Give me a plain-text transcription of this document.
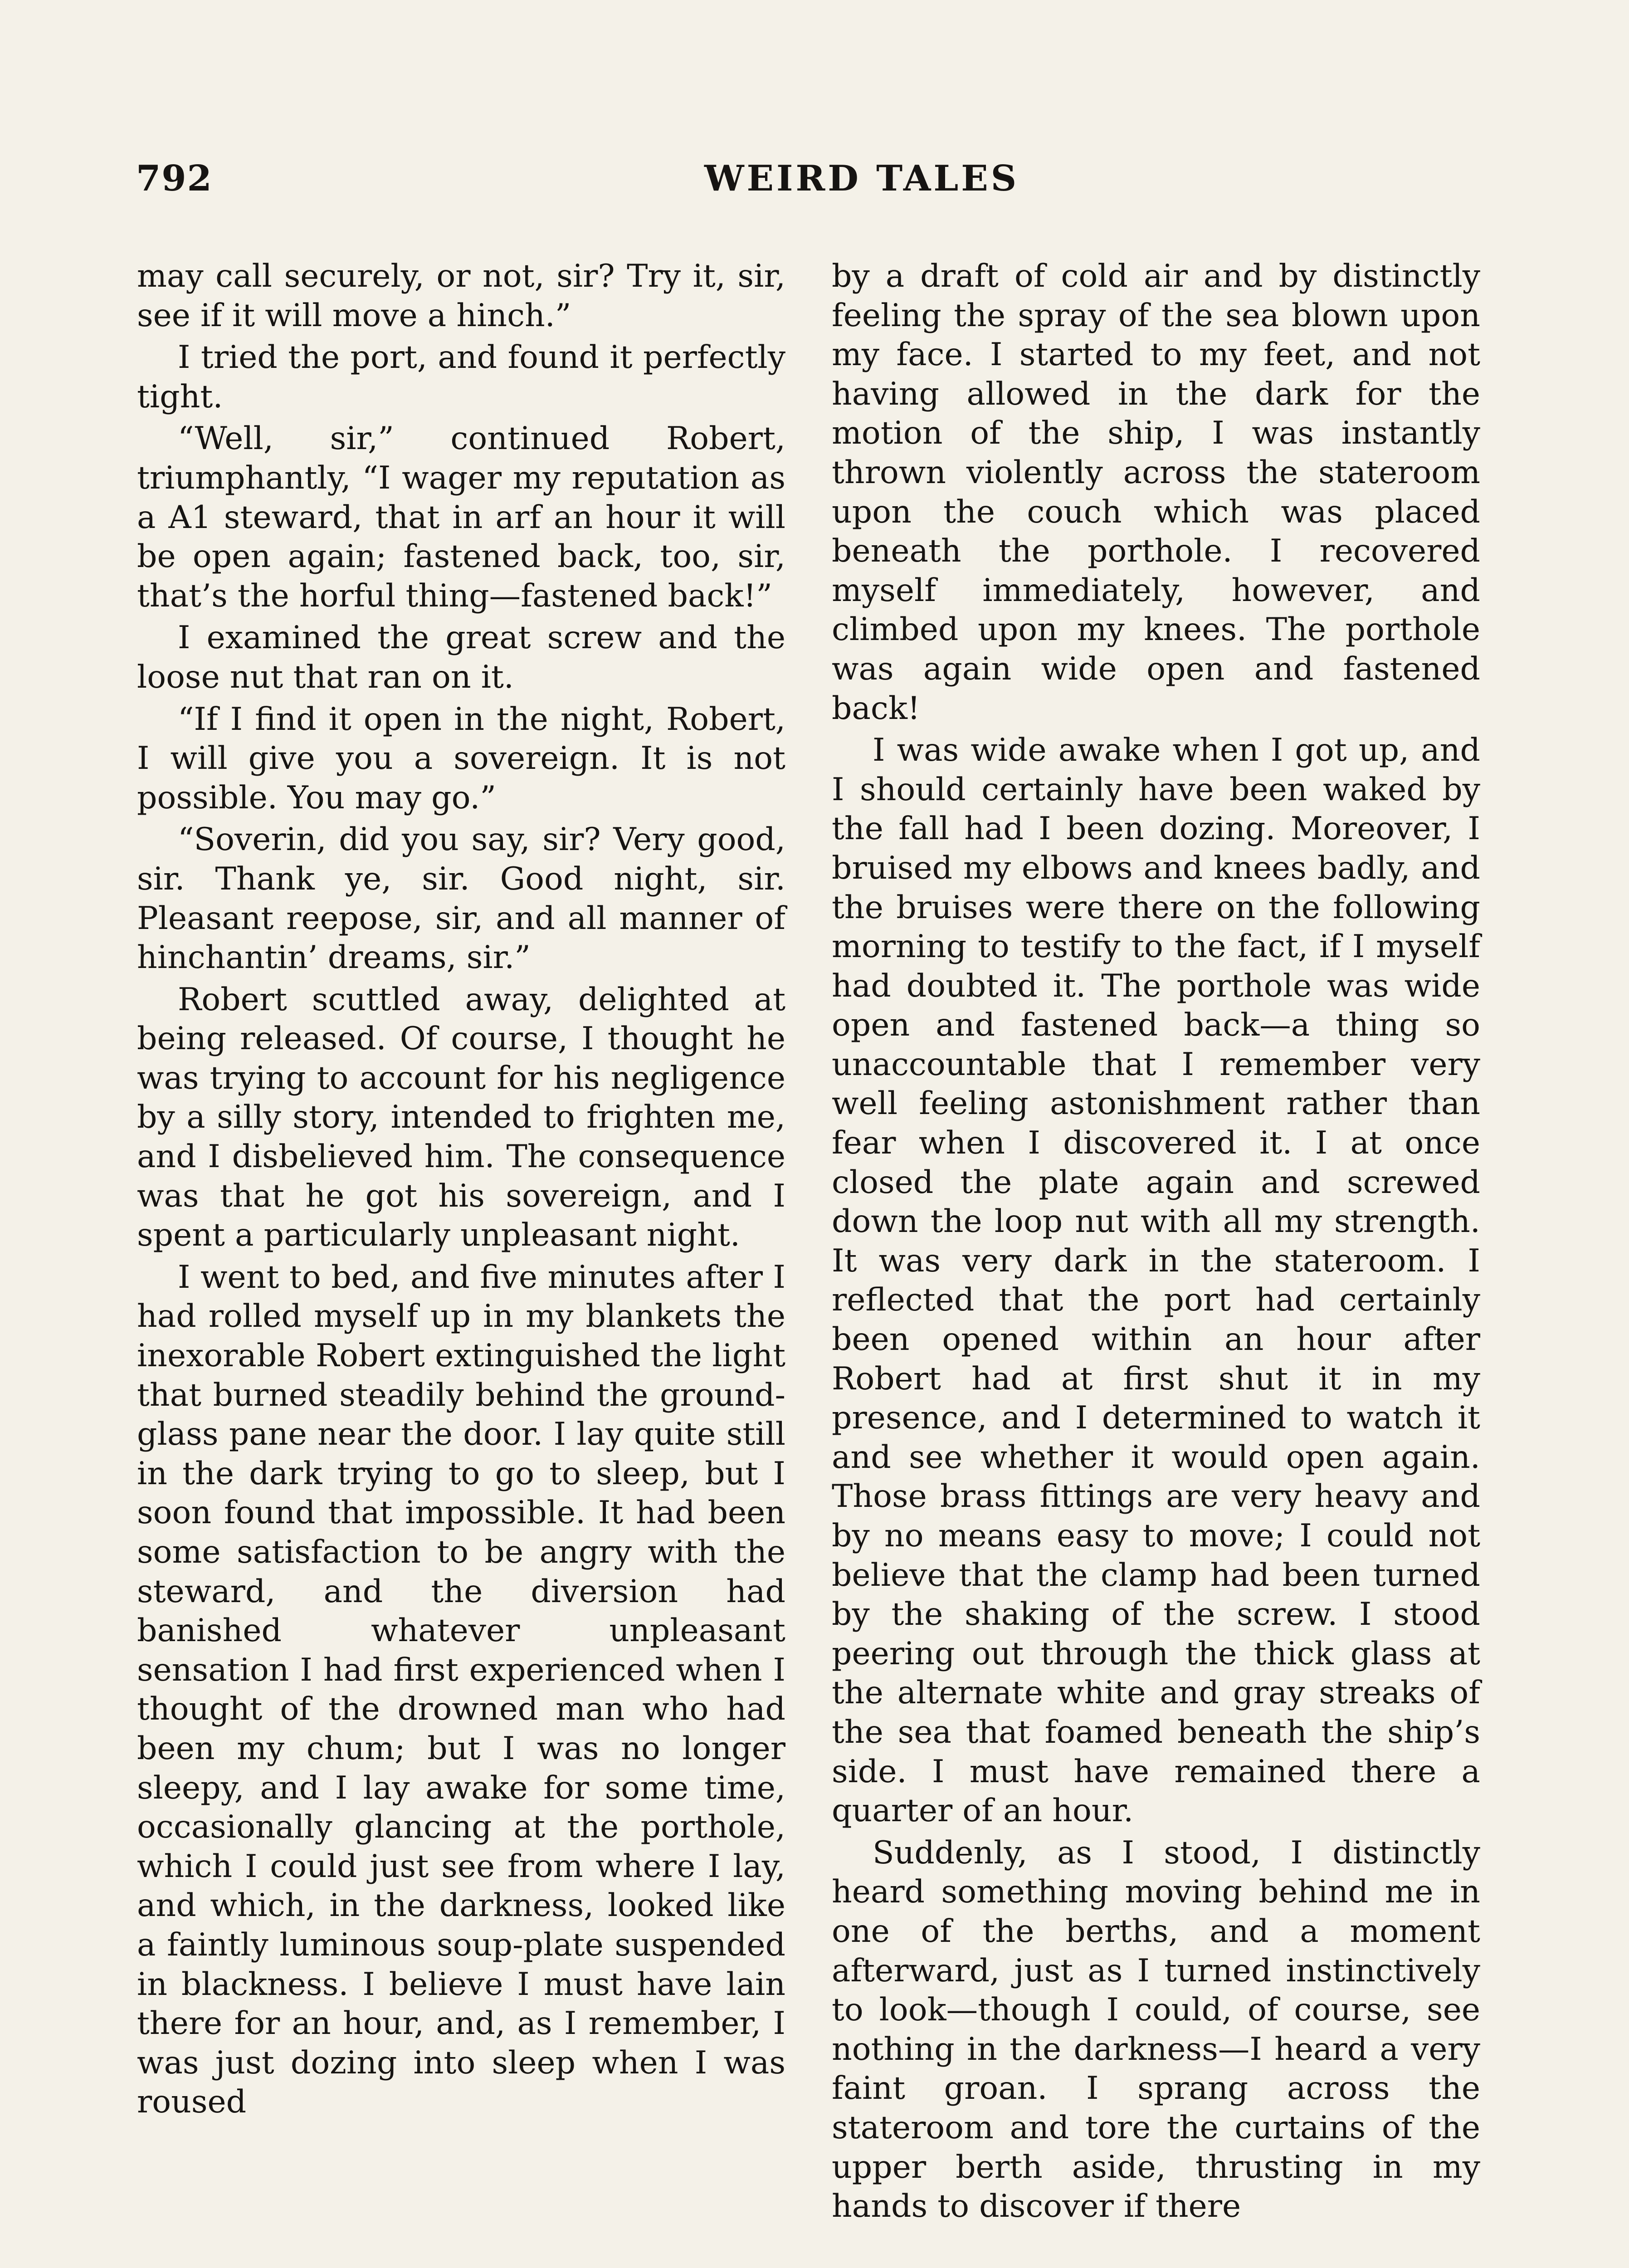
792	WEIRD TALES

may call securely, or not, sir? Try it, sir, see if it will move a hinch.”

I tried the port, and found it perfectly tight.

“Well, sir,” continued Robert, triumphantly, “I wager my reputation as a A1 steward, that in arf an hour it will be open again; fastened back, too, sir, that’s the horful thing—fastened back!”

I examined the great screw and the loose nut that ran on it.

“If I find it open in the night, Robert, I will give you a sovereign. It is not possible. You may go.”

“Soverin, did you say, sir? Very good, sir. Thank ye, sir. Good night, sir. Pleasant reepose, sir, and all manner of hinchantin’ dreams, sir.”

Robert scuttled away, delighted at being released. Of course, I thought he was trying to account for his negligence by a silly story, intended to frighten me, and I disbelieved him. The consequence was that he got his sovereign, and I spent a particularly unpleasant night.

I went to bed, and five minutes after I had rolled myself up in my blankets the inexorable Robert extinguished the light that burned steadily behind the ground-glass pane near the door. I lay quite still in the dark trying to go to sleep, but I soon found that impossible. It had been some satisfaction to be angry with the steward, and the diversion had banished whatever unpleasant sensation I had first experienced when I thought of the drowned man who had been my chum; but I was no longer sleepy, and I lay awake for some time, occasionally glancing at the porthole, which I could just see from where I lay, and which, in the darkness, looked like a faintly luminous soup-plate suspended in blackness. I believe I must have lain there for an hour, and, as I remember, I was just dozing into sleep when I was roused

by a draft of cold air and by distinctly feeling the spray of the sea blown upon my face. I started to my feet, and not having allowed in the dark for the motion of the ship, I was instantly thrown violently across the stateroom upon the couch which was placed beneath the porthole. I recovered myself immediately, however, and climbed upon my knees. The porthole was again wide open and fastened back!

I was wide awake when I got up, and I should certainly have been waked by the fall had I been dozing. Moreover, I bruised my elbows and knees badly, and the bruises were there on the following morning to testify to the fact, if I myself had doubted it. The porthole was wide open and fastened back—a thing so unaccountable that I remember very well feeling astonishment rather than fear when I discovered it. I at once closed the plate again and screwed down the loop nut with all my strength. It was very dark in the stateroom. I reflected that the port had certainly been opened within an hour after Robert had at first shut it in my presence, and I determined to watch it and see whether it would open again. Those brass fittings are very heavy and by no means easy to move; I could not believe that the clamp had been turned by the shaking of the screw. I stood peering out through the thick glass at the alternate white and gray streaks of the sea that foamed beneath the ship’s side. I must have remained there a quarter of an hour.

Suddenly, as I stood, I distinctly heard something moving behind me in one of the berths, and a moment afterward, just as I turned instinctively to look—though I could, of course, see nothing in the darkness—I heard a very faint groan. I sprang across the stateroom and tore the curtains of the upper berth aside, thrusting in my hands to discover if there
